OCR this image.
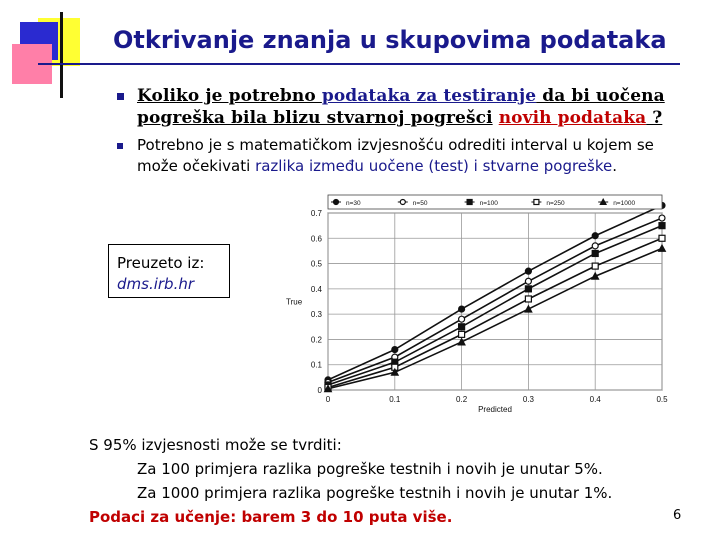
Otkrivanje znanja u skupovima podataka
Koliko je potrebno podataka za testiranje da bi uočena
pogreška bila blizu stvarnoj pogrešci novih podataka ?
Potrebno je s matematičkom izvjesnošću odrediti interval u kojem se
može očekivati razlika između uočene (test) i stvarne pogreške.
0	0.1	0.2	0.3	0.4	0.5
0
0.1
0.2
0.3
0.4
0.5
0.6
0.7
Predicted
True
n=30	n=50	n=100	n=250	n=1000
Preuzeto iz:
dms.irb.hr
S 95% izvjesnosti može se tvrditi:
Za 100 primjera razlika pogreške testnih i novih je unutar 5%.
Za 1000 primjera razlika pogreške testnih i novih je unutar 1%.
Podaci za učenje: barem 3 do 10 puta više.	6
